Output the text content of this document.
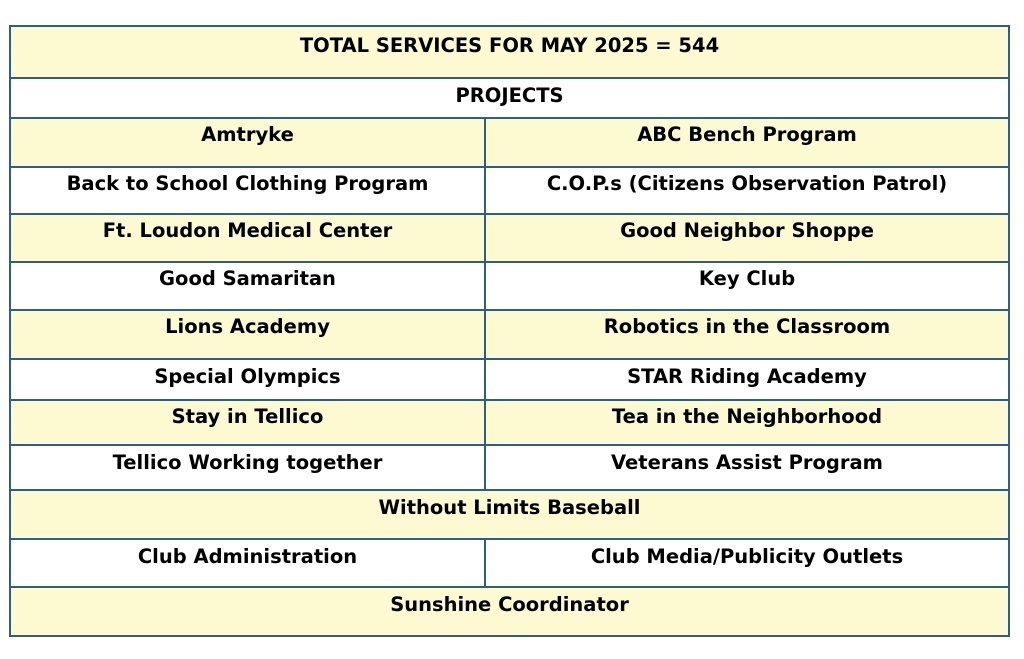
TOTAL SERVICES FOR MAY 2025 = 544
PROJECTS
Amtryke	ABC Bench Program
Back to School Clothing Program	C.O.P.s (Citizens Observation Patrol)
Ft. Loudon Medical Center	Good Neighbor Shoppe
Good Samaritan	Key Club
Lions Academy	Robotics in the Classroom
Special Olympics	STAR Riding Academy
Stay in Tellico	Tea in the Neighborhood
Tellico Working together	Veterans Assist Program
Without Limits Baseball
Club Administration	Club Media/Publicity Outlets
Sunshine Coordinator
